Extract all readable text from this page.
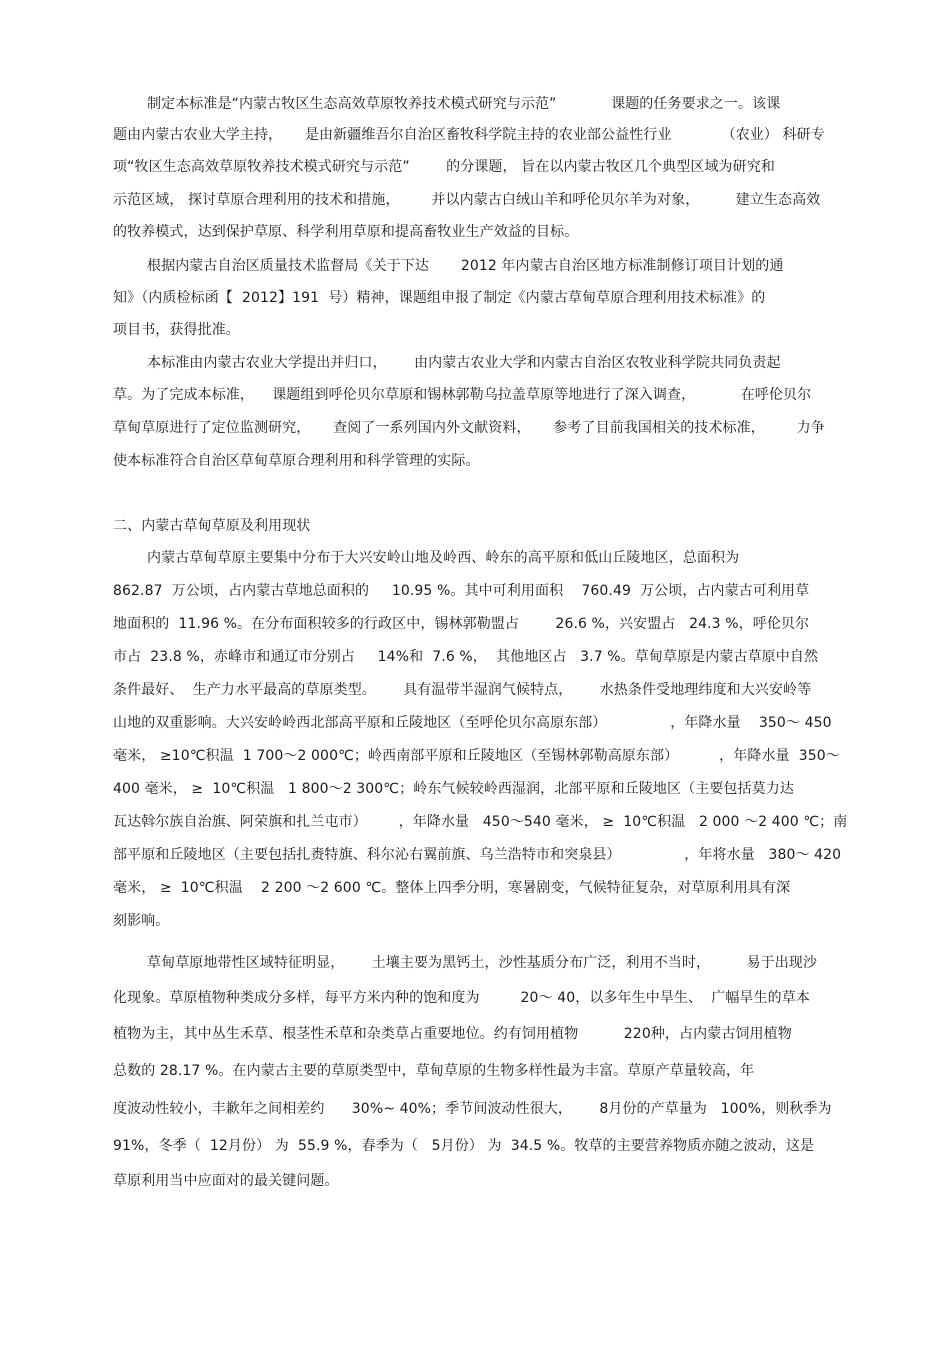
制定本标准是“内蒙古牧区生态高效草原牧养技术模式研究与示范”            课题的任务要求之一。该课

题由内蒙古农业大学主持，     是由新疆维吾尔自治区畜牧科学院主持的农业部公益性行业           （农业） 科研专

项“牧区生态高效草原牧养技术模式研究与示范”        的分课题， 旨在以内蒙古牧区几个典型区域为研究和

示范区域， 探讨草原合理利用的技术和措施，       并以内蒙古白绒山羊和呼伦贝尔羊为对象，        建立生态高效

的牧养模式，达到保护草原、科学利用草原和提高畜牧业生产效益的目标。

根据内蒙古自治区质量技术监督局《关于下达       2012 年内蒙古自治区地方标准制修订项目计划的通

知》（内质检标函【  2012】191  号）精神，课题组申报了制定《内蒙古草甸草原合理利用技术标准》的

项目书，获得批准。

本标准由内蒙古农业大学提出并归口，      由内蒙古农业大学和内蒙古自治区农牧业科学院共同负责起

草。为了完成本标准，    课题组到呼伦贝尔草原和锡林郭勒乌拉盖草原等地进行了深入调查，          在呼伦贝尔

草甸草原进行了定位监测研究，     查阅了一系列国内外文献资料，     参考了目前我国相关的技术标准，       力争

使本标准符合自治区草甸草原合理利用和科学管理的实际。

二、内蒙古草甸草原及利用现状

内蒙古草甸草原主要集中分布于大兴安岭山地及岭西、岭东的高平原和低山丘陵地区，总面积为

862.87  万公顷，占内蒙古草地总面积的     10.95 %。其中可利用面积    760.49  万公顷，占内蒙古可利用草

地面积的  11.96 %。在分布面积较多的行政区中，锡林郭勒盟占        26.6 %，兴安盟占   24.3 %，呼伦贝尔

市占  23.8 %，赤峰市和通辽市分别占     14%和  7.6 %，  其他地区占   3.7 %。草甸草原是内蒙古草原中自然

条件最好、  生产力水平最高的草原类型。      具有温带半湿润气候特点，      水热条件受地理纬度和大兴安岭等

山地的双重影响。大兴安岭岭西北部高平原和丘陵地区（至呼伦贝尔高原东部）              ，年降水量    350～ 450

毫米， ≥10℃积温  1 700～2 000℃；岭西南部平原和丘陵地区（至锡林郭勒高原东部）         ，年降水量  350～

400 毫米， ≥  10℃积温   1 800～2 300℃；岭东气候较岭西湿润，北部平原和丘陵地区（主要包括莫力达

瓦达斡尔族自治旗、阿荣旗和扎兰屯市）       ，年降水量   450～540 毫米， ≥  10℃积温   2 000 ～2 400 ℃；南

部平原和丘陵地区（主要包括扎赉特旗、科尔沁右翼前旗、乌兰浩特市和突泉县）              ，年将水量   380～ 420

毫米， ≥  10℃积温    2 200 ～2 600 ℃。整体上四季分明，寒暑剧变，气候特征复杂，对草原利用具有深

刻影响。

草甸草原地带性区域特征明显，      土壤主要为黑钙土，沙性基质分布广泛，利用不当时，        易于出现沙

化现象。草原植物种类成分多样，每平方米内种的饱和度为         20～ 40，以多年生中旱生、  广幅旱生的草本

植物为主，其中丛生禾草、根茎性禾草和杂类草占重要地位。约有饲用植物          220种，占内蒙古饲用植物

总数的 28.17 %。在内蒙古主要的草原类型中，草甸草原的生物多样性最为丰富。草原产草量较高，年

度波动性较小，丰歉年之间相差约      30%~ 40%；季节间波动性很大，      8月份的产草量为   100%，则秋季为

91%，冬季（  12月份） 为  55.9 %，春季为（   5月份） 为  34.5 %。牧草的主要营养物质亦随之波动，这是

草原利用当中应面对的最关键问题。
